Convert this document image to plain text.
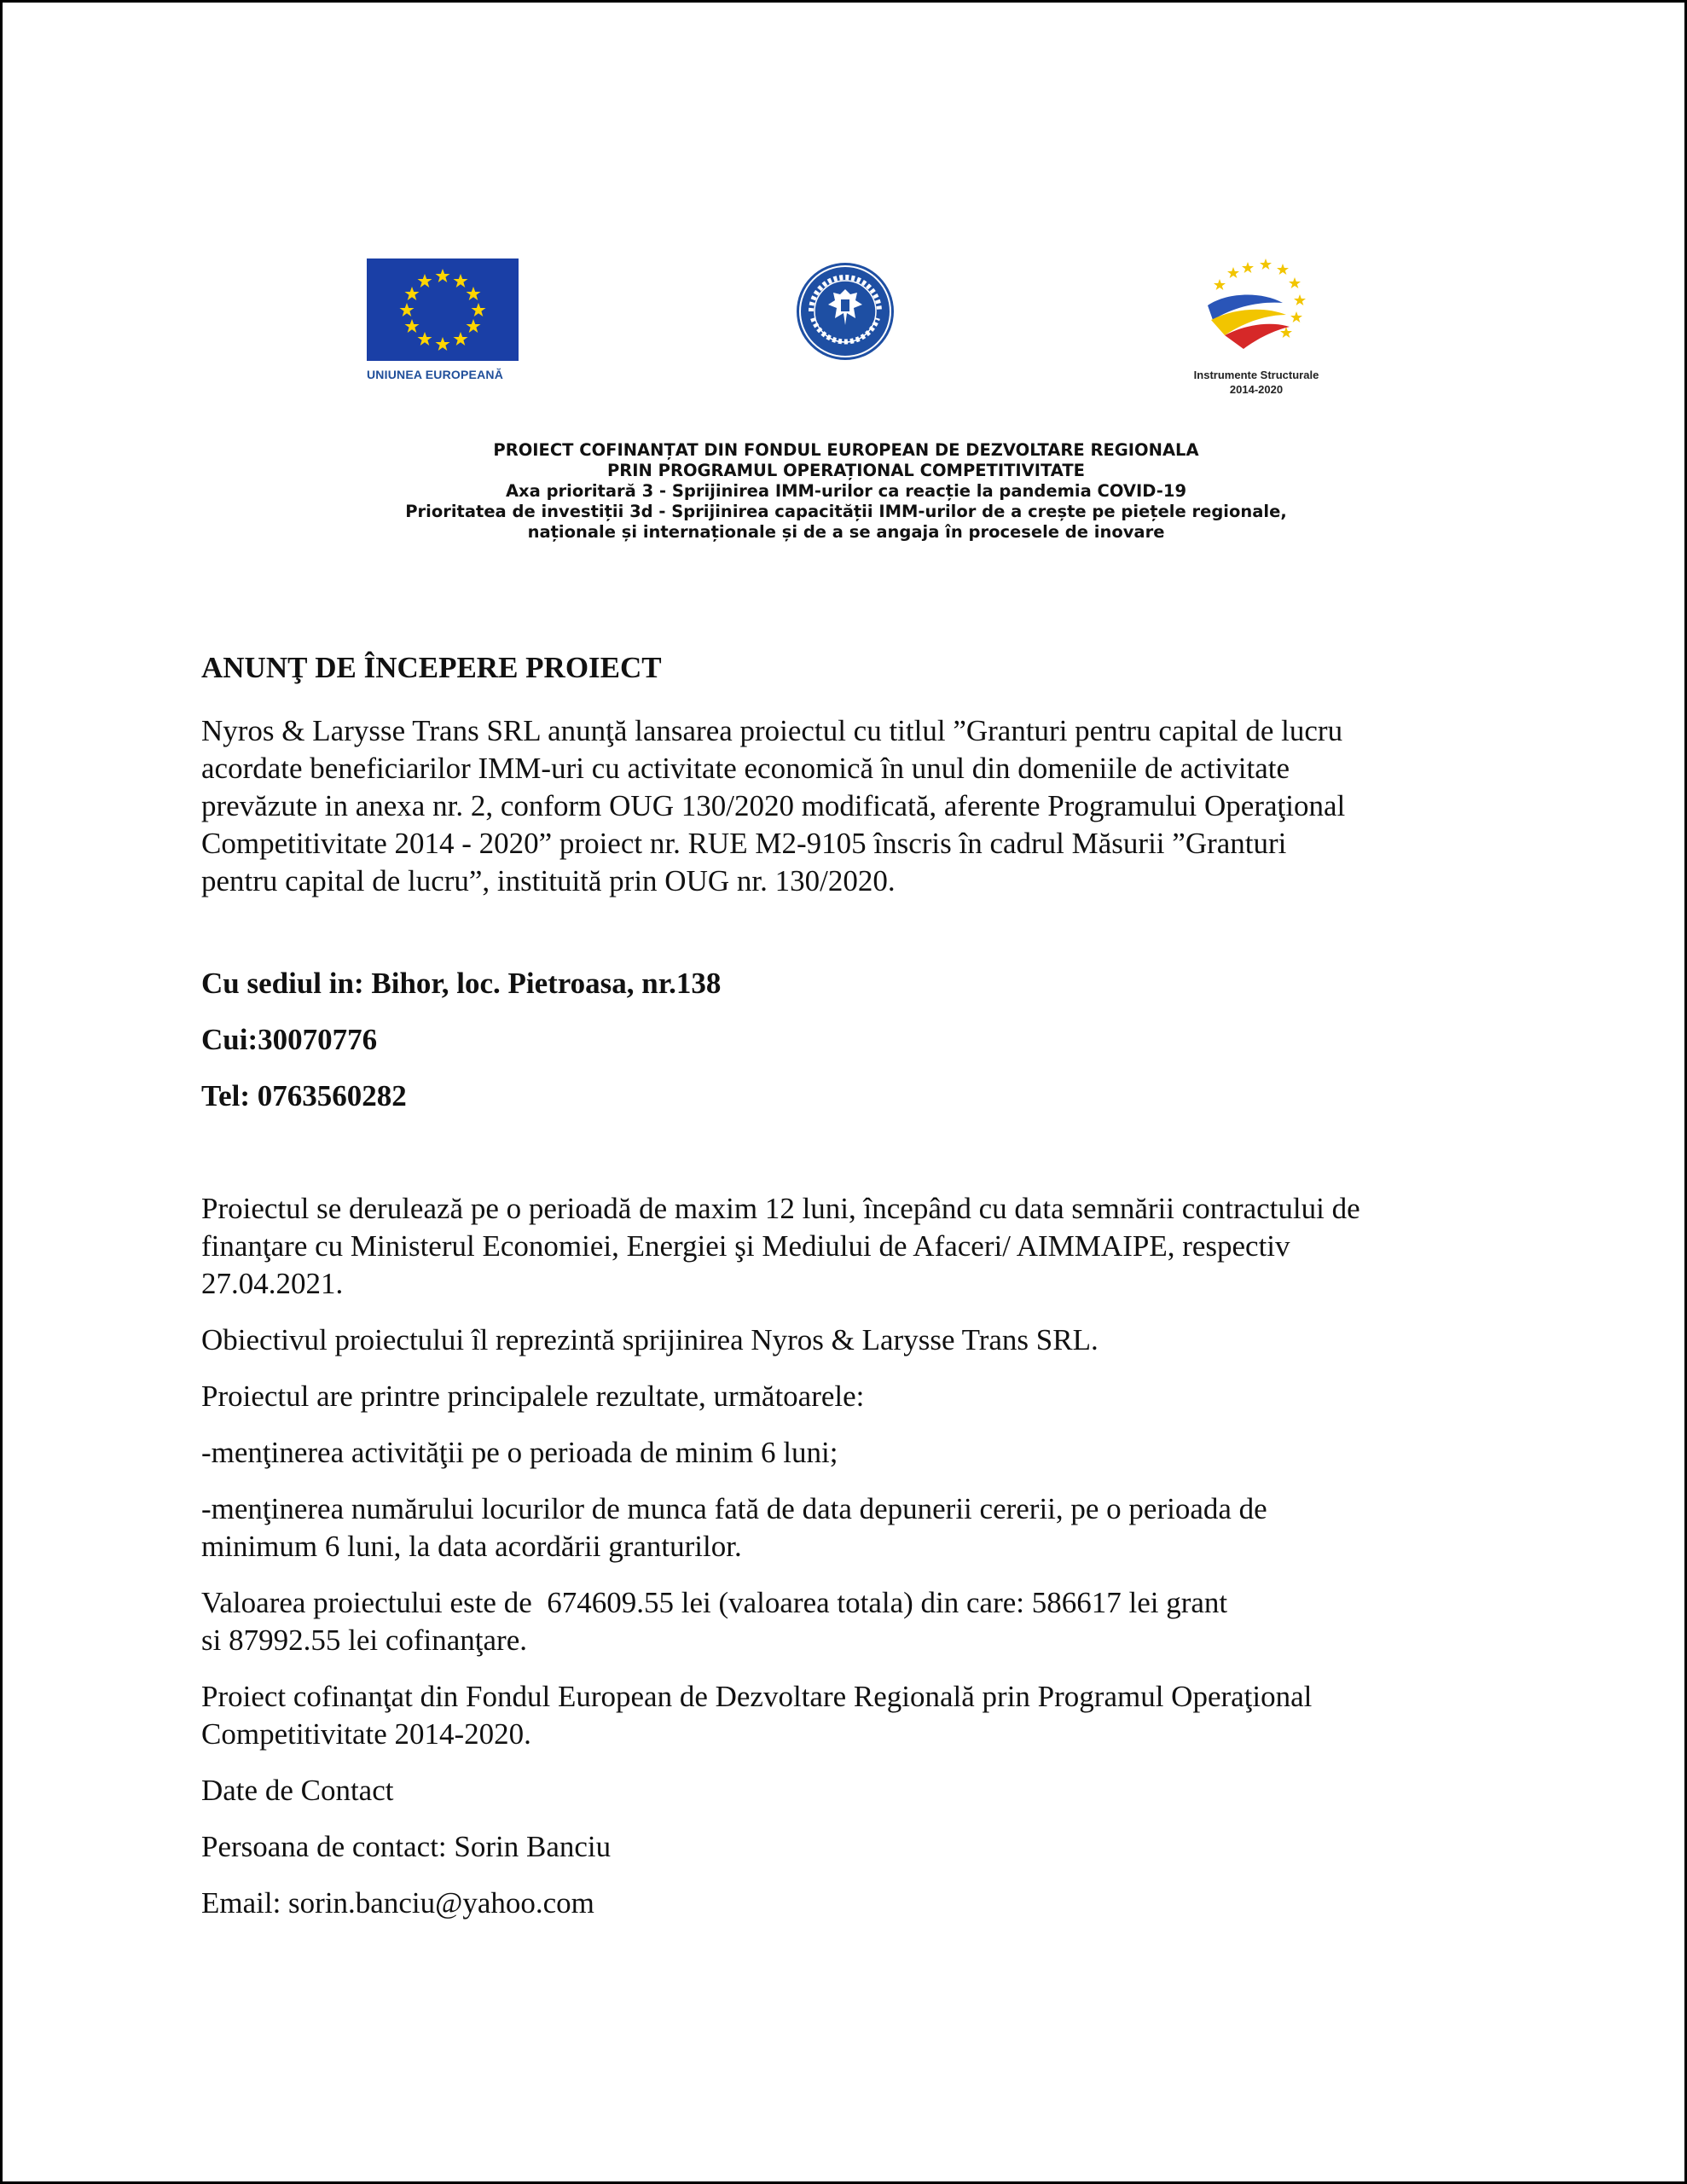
UNIUNEA EUROPEANĂ	Instrumente Structurale
2014-2020
PROIECT COFINANȚAT DIN FONDUL EUROPEAN DE DEZVOLTARE REGIONALA
PRIN PROGRAMUL OPERAȚIONAL COMPETITIVITATE
Axa prioritară 3 - Sprijinirea IMM-urilor ca reacție la pandemia COVID-19
Prioritatea de investiții 3d - Sprijinirea capacității IMM-urilor de a crește pe piețele regionale,
naționale și internaționale și de a se angaja în procesele de inovare

ANUNŢ DE ÎNCEPERE PROIECT

Nyros & Larysse Trans SRL anunţă lansarea proiectul cu titlul ”Granturi pentru capital de lucru
acordate beneficiarilor IMM-uri cu activitate economică în unul din domeniile de activitate
prevăzute in anexa nr. 2, conform OUG 130/2020 modificată, aferente Programului Operaţional
Competitivitate 2014 - 2020” proiect nr. RUE M2-9105 înscris în cadrul Măsurii ”Granturi
pentru capital de lucru”, instituită prin OUG nr. 130/2020.

Cu sediul in: Bihor, loc. Pietroasa, nr.138

Cui:30070776

Tel: 0763560282

Proiectul se derulează pe o perioadă de maxim 12 luni, începând cu data semnării contractului de
finanţare cu Ministerul Economiei, Energiei şi Mediului de Afaceri/ AIMMAIPE, respectiv
27.04.2021.

Obiectivul proiectului îl reprezintă sprijinirea Nyros & Larysse Trans SRL.

Proiectul are printre principalele rezultate, următoarele:

-menţinerea activităţii pe o perioada de minim 6 luni;

-menţinerea numărului locurilor de munca fată de data depunerii cererii, pe o perioada de
minimum 6 luni, la data acordării granturilor.

Valoarea proiectului este de  674609.55 lei (valoarea totala) din care: 586617 lei grant
si 87992.55 lei cofinanţare.

Proiect cofinanţat din Fondul European de Dezvoltare Regională prin Programul Operaţional
Competitivitate 2014-2020.

Date de Contact

Persoana de contact: Sorin Banciu

Email: sorin.banciu@yahoo.com
